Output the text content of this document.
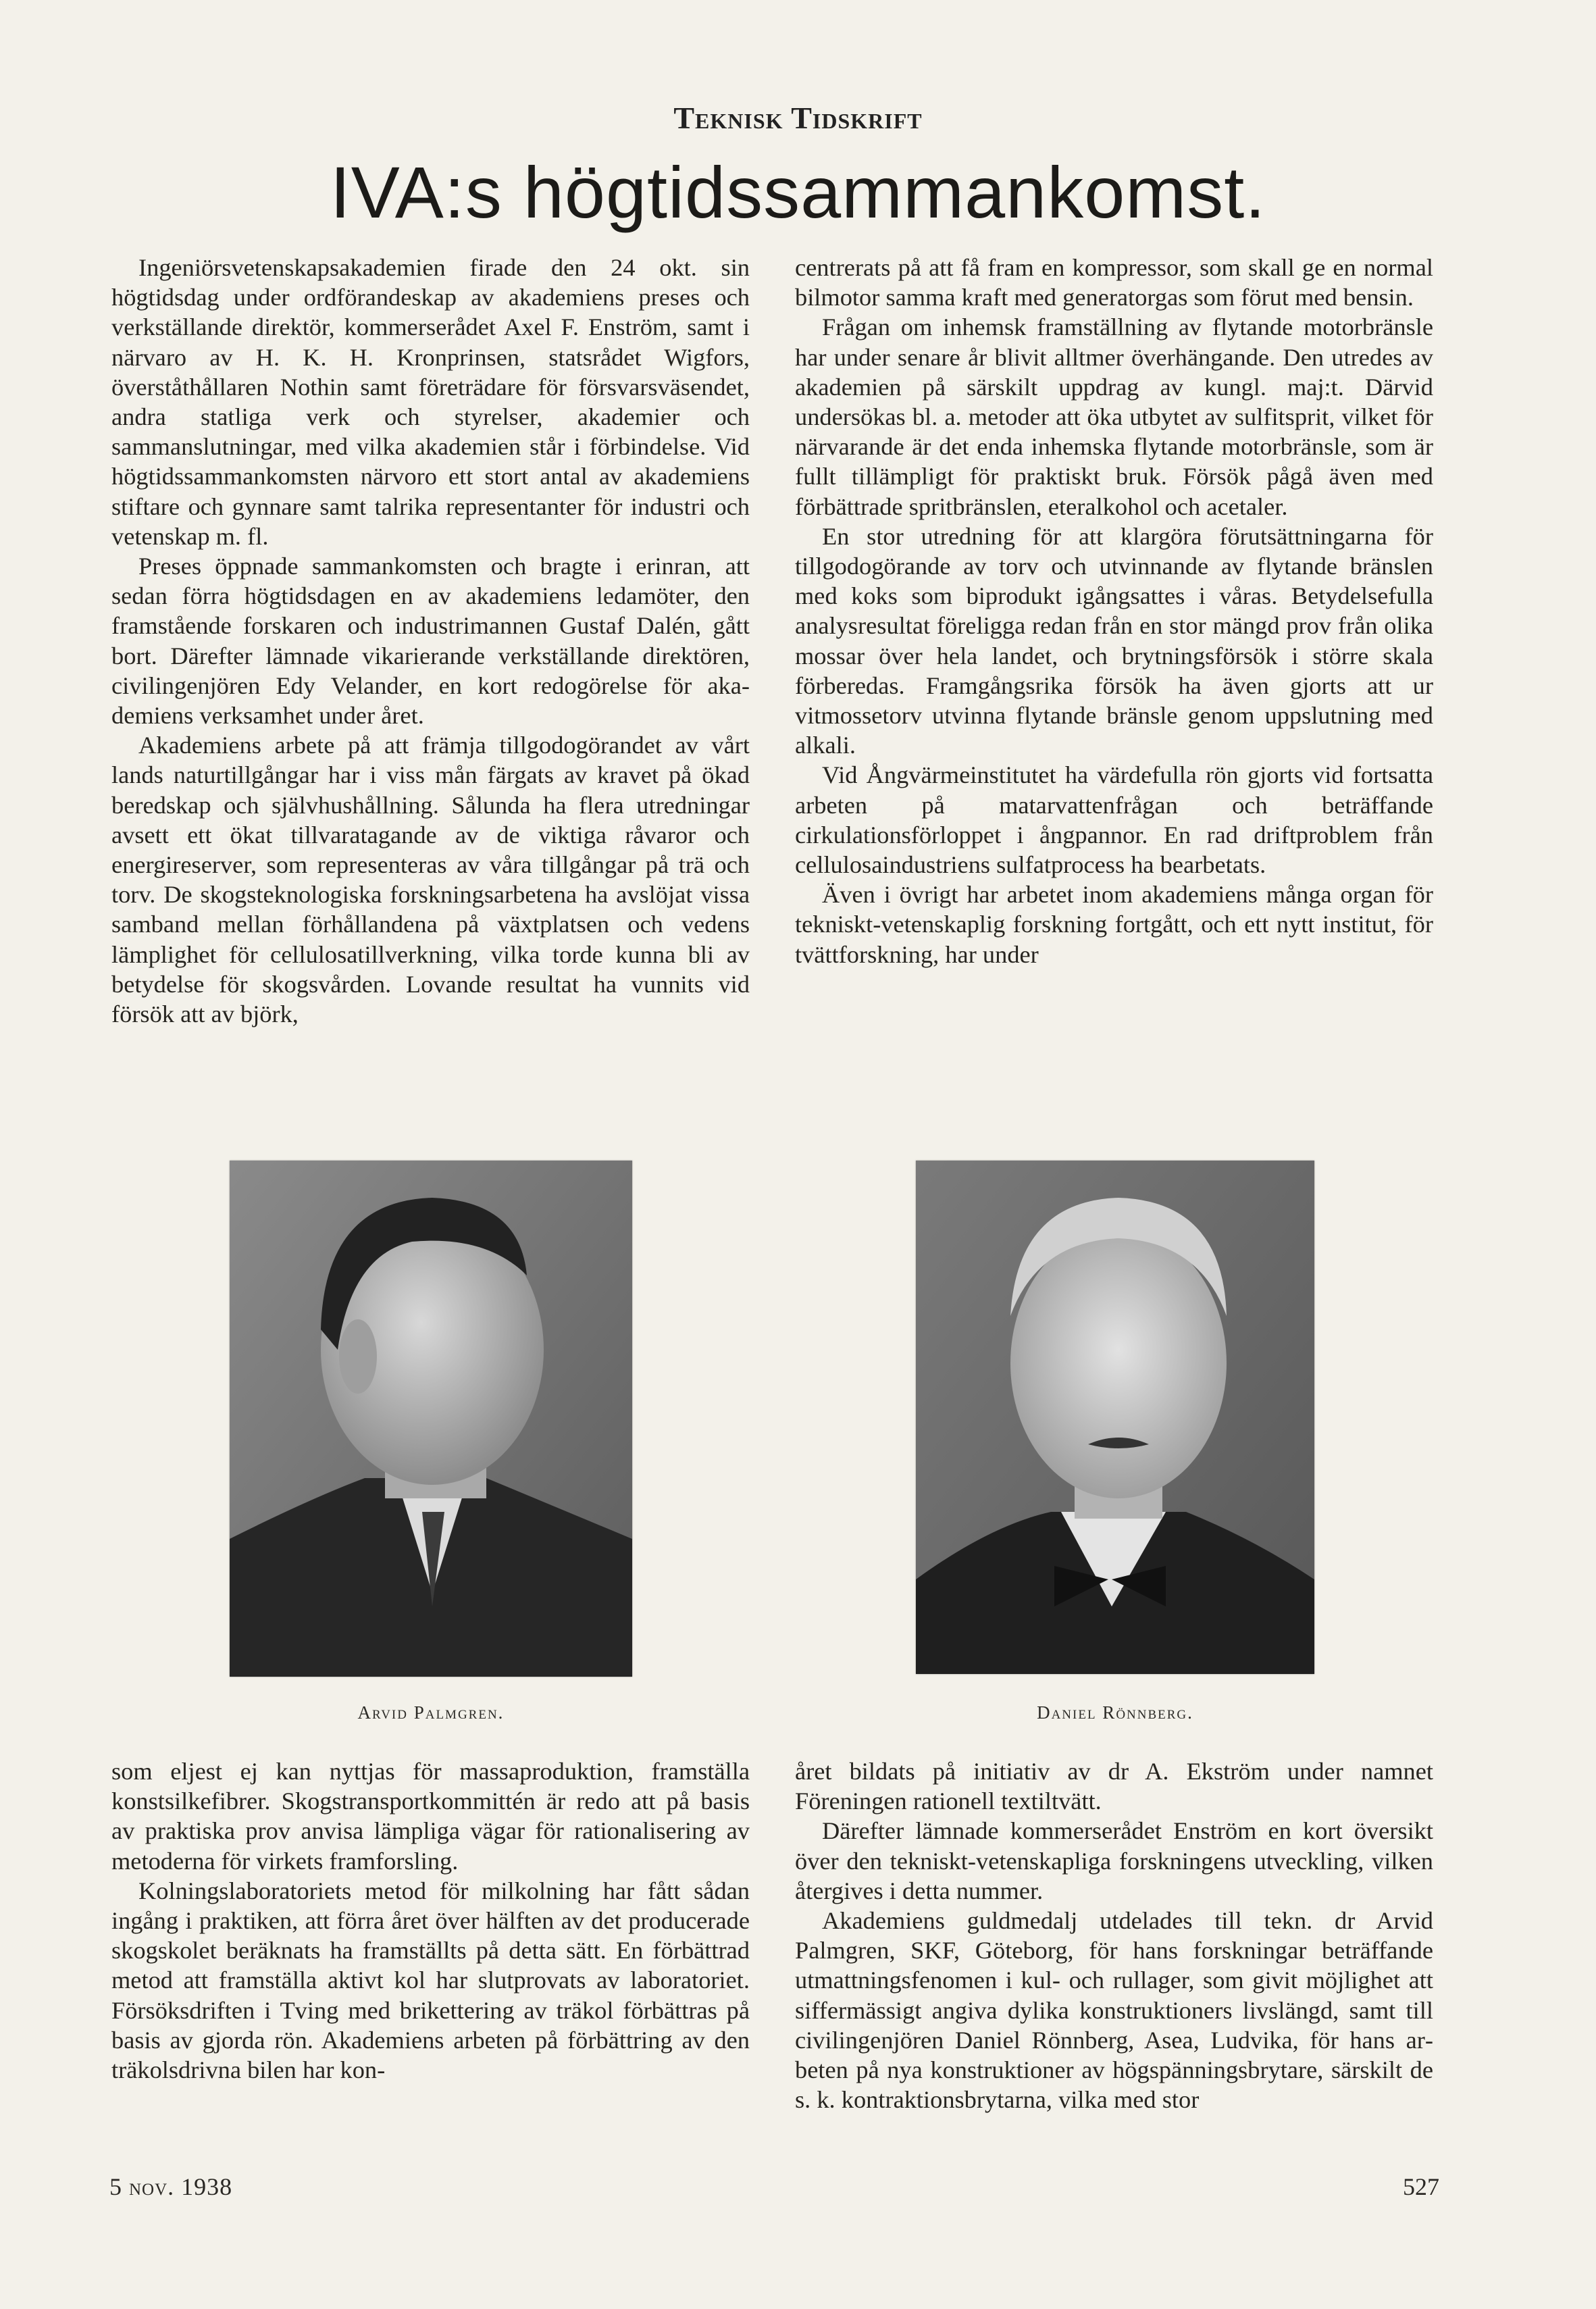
Teknisk Tidskrift
IVA:s högtidssammankomst.

Ingeniörsvetenskapsakademien firade den 24 okt. sin högtidsdag under ordförandeskap av akademiens preses och verkställande direktör, kommerserådet Axel F. Enström, samt i närvaro av H. K. H. Kronprinsen, statsrådet Wigfors, överståthållaren Nothin samt företrädare för försvarsväsendet, andra statliga verk och styrelser, akademier och sammanslutningar, med vilka akademien står i förbindelse. Vid högtidssammankomsten närvoro ett stort antal av akademiens stiftare och gynnare samt talrika representanter för industri och vetenskap m. fl.

Preses öppnade sammankomsten och bragte i erinran, att sedan förra högtidsdagen en av akademiens ledamöter, den framstående forskaren och industrimannen Gustaf Dalén, gått bort. Därefter lämnade vikarierande verkställande direktören, civilingenjören Edy Velander, en kort redogörelse för akademiens verksamhet under året.

Akademiens arbete på att främja tillgodogörandet av vårt lands naturtillgångar har i viss mån färgats av kravet på ökad beredskap och självhushållning. Sålunda ha flera utredningar avsett ett ökat tillvaratagande av de viktiga råvaror och energireserver, som representeras av våra tillgångar på trä och torv. De skogsteknologiska forskningsarbetena ha avslöjat vissa samband mellan förhållandena på växtplatsen och vedens lämplighet för cellulosatillverkning, vilka torde kunna bli av betydelse för skogsvården. Lovande resultat ha vunnits vid försök att av björk,

centrerats på att få fram en kompressor, som skall ge en normal bilmotor samma kraft med generatorgas som förut med bensin.

Frågan om inhemsk framställning av flytande motorbränsle har under senare år blivit alltmer överhängande. Den utredes av akademien på särskilt uppdrag av kungl. maj:t. Därvid undersökas bl. a. metoder att öka utbytet av sulfitsprit, vilket för närvarande är det enda inhemska flytande motorbränsle, som är fullt tillämpligt för praktiskt bruk. Försök pågå även med förbättrade spritbränslen, eteralkohol och acetaler.

En stor utredning för att klargöra förutsättningarna för tillgodogörande av torv och utvinnande av flytande bränslen med koks som biprodukt igångsattes i våras. Betydelsefulla analysresultat föreligga redan från en stor mängd prov från olika mossar över hela landet, och brytningsförsök i större skala förberedas. Framgångsrika försök ha även gjorts att ur vitmossetorv utvinna flytande bränsle genom uppslutning med alkali.

Vid Ångvärmeinstitutet ha värdefulla rön gjorts vid fortsatta arbeten på matarvattenfrågan och beträffande cirkulationsförloppet i ångpannor. En rad driftproblem från cellulosaindustriens sulfatprocess ha bearbetats.

Även i övrigt har arbetet inom akademiens många organ för tekniskt-vetenskaplig forskning fortgått, och ett nytt institut, för tvättforskning, har under

Arvid Palmgren.	Daniel Rönnberg.

som eljest ej kan nyttjas för massaproduktion, framställa konstsilkefibrer. Skogstransportkommittén är redo att på basis av praktiska prov anvisa lämpliga vägar för rationalisering av metoderna för virkets framforsling.

Kolningslaboratoriets metod för milkolning har fått sådan ingång i praktiken, att förra året över hälften av det producerade skogskolet beräknats ha framställts på detta sätt. En förbättrad metod att framställa aktivt kol har slutprovats av laboratoriet. Försöksdriften i Tving med brikettering av träkol förbättras på basis av gjorda rön. Akademiens arbeten på förbättring av den träkolsdrivna bilen har kon-

året bildats på initiativ av dr A. Ekström under namnet Föreningen rationell textiltvätt.

Därefter lämnade kommerserådet Enström en kort översikt över den tekniskt-vetenskapliga forskningens utveckling, vilken återgives i detta nummer.

Akademiens guldmedalj utdelades till tekn. dr Arvid Palmgren, SKF, Göteborg, för hans forskningar beträffande utmattningsfenomen i kul- och rullager, som givit möjlighet att siffermässigt angiva dylika konstruktioners livslängd, samt till civilingenjören Daniel Rönnberg, Asea, Ludvika, för hans arbeten på nya konstruktioner av högspänningsbrytare, särskilt de s. k. kontraktionsbrytarna, vilka med stor

5 nov. 1938	527
